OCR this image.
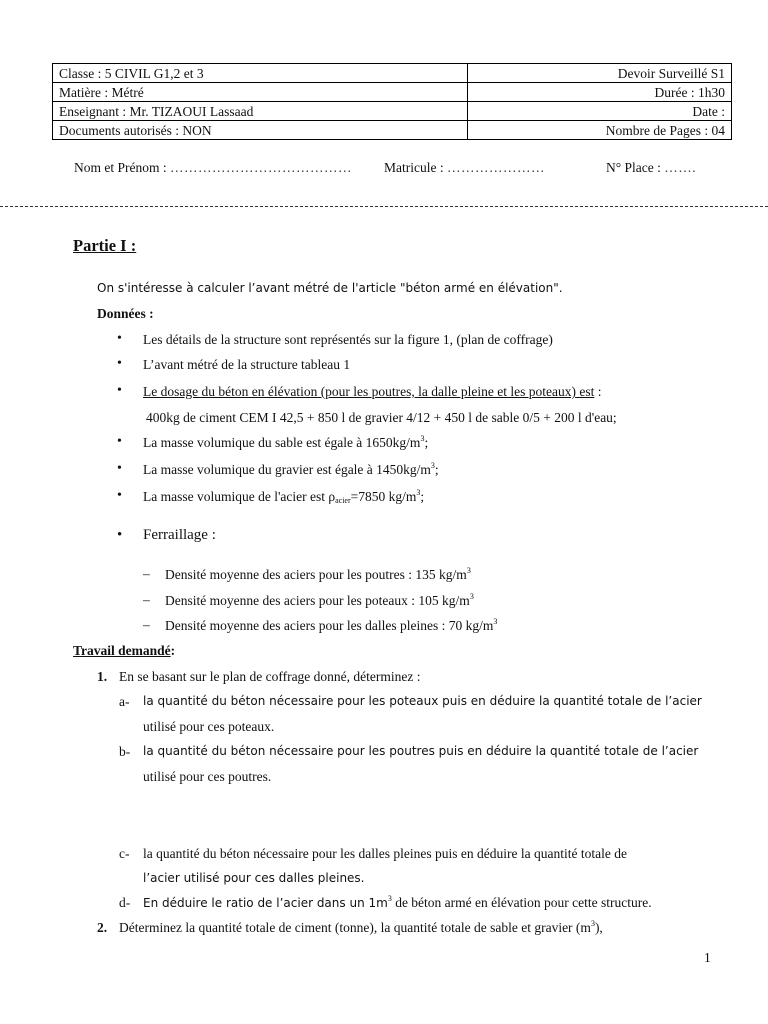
Classe : 5 CIVIL G1,2 et 3	Devoir Surveillé S1
Matière : Métré	Durée : 1h30
Enseignant : Mr. TIZAOUI Lassaad	Date :
Documents autorisés : NON	Nombre de Pages : 04
Nom et Prénom : ………………………………… Matricule : …………………	N° Place : …….
Partie I :
On s'intéresse à calculer l’avant métré de l'article "béton armé en élévation".
Données :
• Les détails de la structure sont représentés sur la figure 1, (plan de coffrage)
• L’avant métré de la structure tableau 1
• Le dosage du béton en élévation (pour les poutres, la dalle pleine et les poteaux) est :
400kg de ciment CEM I 42,5 + 850 l de gravier 4/12 + 450 l de sable 0/5 + 200 l d'eau;
• La masse volumique du sable est égale à $1650kg/m^3$;
• La masse volumique du gravier est égale à $1450kg/m^3$;
• La masse volumique de l'acier est $\rho_{acier}=7850$ $kg/m^3$;
• Ferraillage :
– Densité moyenne des aciers pour les poutres : 135 $kg/m^3$
– Densité moyenne des aciers pour les poteaux : 105 $kg/m^3$
– Densité moyenne des aciers pour les dalles pleines : 70 $kg/m^3$
Travail demandé:
1. En se basant sur le plan de coffrage donné, déterminez :
a- la quantité du béton nécessaire pour les poteaux puis en déduire la quantité totale de l’acier
utilisé pour ces poteaux.
b- la quantité du béton nécessaire pour les poutres puis en déduire la quantité totale de l’acier
utilisé pour ces poutres.
c- la quantité du béton nécessaire pour les dalles pleines puis en déduire la quantité totale de
l’acier utilisé pour ces dalles pleines.
d- En déduire le ratio de l’acier dans un $1m^3$ de béton armé en élévation pour cette structure.
2. Déterminez la quantité totale de ciment (tonne), la quantité totale de sable et gravier $(m^3)$,
1
